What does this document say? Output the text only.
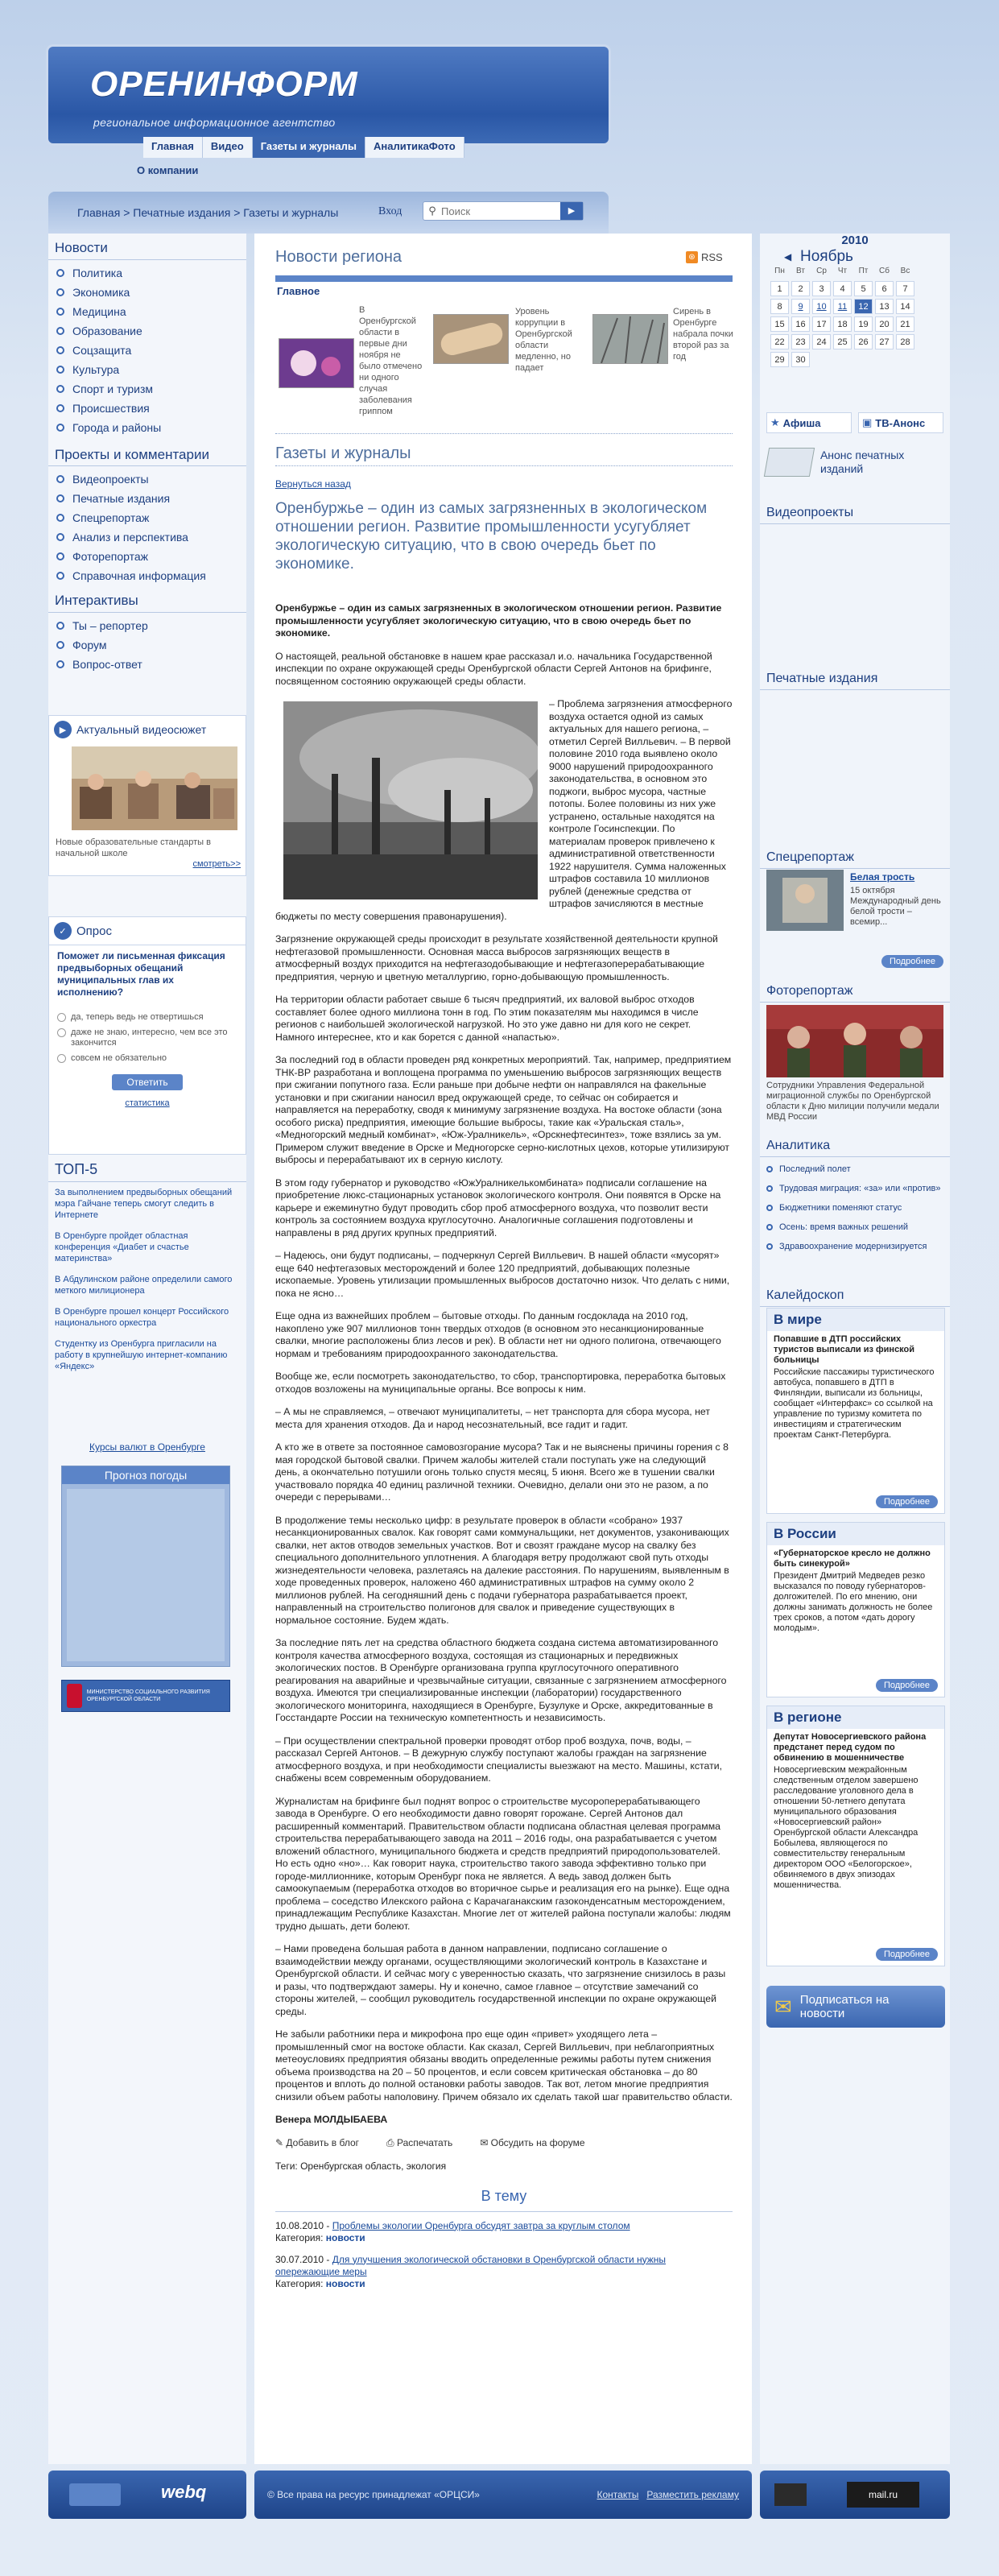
ОРЕНИНФОРМ
региональное информационное агентство
Главная	Видео	Газеты и журналы	АналитикаФото
О компании
Главная > Печатные издания > Газеты и журналы	Вход	⚲
Поиск	▶
Новости
Политика
Экономика
Медицина
Образование
Соцзащита
Культура
Спорт и туризм
Происшествия
Города и районы
Проекты и комментарии
Видеопроекты
Печатные издания
Спецрепортаж
Анализ и перспектива
Фоторепортаж
Справочная информация
Интерактивы
Ты – репортер
Форум
Вопрос-ответ
▶ Актуальный видеосюжет
Новые образовательные стандарты в начальной школе
смотреть>>
✓ Опрос
Поможет ли письменная фиксация предвыборных обещаний муниципальных глав их исполнению?
да, теперь ведь не отвертишься
даже не знаю, интересно, чем все это закончится
совсем не обязательно
Ответить
статистика
ТОП-5
За выполнением предвыборных обещаний мэра Гайчане теперь смогут следить в Интернете
В Оренбурге пройдет областная конференция «Диабет и счастье материнства»
В Абдулинском районе определили самого меткого милиционера
В Оренбурге прошел концерт Российского национального оркестра
Студентку из Оренбурга пригласили на работу в крупнейшую интернет-компанию «Яндекс»
Курсы валют в Оренбурге
Прогноз погоды
МИНИСТЕРСТВО СОЦИАЛЬНОГО РАЗВИТИЯ ОРЕНБУРГСКОЙ ОБЛАСТИ
Новости региона	⊛ RSS
Главное
В Оренбургской области в первые дни ноября не было отмечено ни одного случая заболевания гриппом
Уровень коррупции в Оренбургской области медленно, но падает
Сирень в Оренбурге набрала почки второй раз за год
Газеты и журналы
Вернуться назад
Оренбуржье – один из самых загрязненных в экологическом отношении регион. Развитие промышленности усугубляет экологическую ситуацию, что в свою очередь бьет по экономике.

Оренбуржье – один из самых загрязненных в экологическом отношении регион. Развитие промышленности усугубляет экологическую ситуацию, что в свою очередь бьет по экономике.

О настоящей, реальной обстановке в нашем крае рассказал и.о. начальника Государственной инспекции по охране окружающей среды Оренбургской области Сергей Антонов на брифинге, посвященном состоянию окружающей среды области.

– Проблема загрязнения атмосферного воздуха остается одной из самых актуальных для нашего региона, – отметил Сергей Вилльевич. – В первой половине 2010 года выявлено около 9000 нарушений природоохранного законодательства, в основном это поджоги, выброс мусора, частные потопы. Более половины из них уже устранено, остальные находятся на контроле Госинспекции. По материалам проверок привлечено к административной ответственности 1922 нарушителя. Сумма наложенных штрафов составила 10 миллионов рублей (денежные средства от штрафов зачисляются в местные бюджеты по месту совершения правонарушения).

Загрязнение окружающей среды происходит в результате хозяйственной деятельности крупной нефтегазовой промышленности. Основная масса выбросов загрязняющих веществ в атмосферный воздух приходится на нефтегазодобывающие и нефтегазоперерабатывающие предприятия, черную и цветную металлургию, горно-добывающую промышленность.

На территории области работает свыше 6 тысяч предприятий, их валовой выброс отходов составляет более одного миллиона тонн в год. По этим показателям мы находимся в числе регионов с наибольшей экологической нагрузкой. Но это уже давно ни для кого не секрет. Намного интереснее, кто и как борется с данной «напастью».

За последний год в области проведен ряд конкретных мероприятий. Так, например, предприятием ТНК-ВР разработана и воплощена программа по уменьшению выбросов загрязняющих веществ при сжигании попутного газа. Если раньше при добыче нефти он направлялся на факельные установки и при сжигании наносил вред окружающей среде, то сейчас он собирается и направляется на переработку, сводя к минимуму загрязнение воздуха. На востоке области (зона особого риска) предприятия, имеющие большие выбросы, такие как «Уральская сталь», «Медногорский медный комбинат», «Юж-Уралникель», «Орскнефтесинтез», тоже взялись за ум. Примером служит введение в Орске и Медногорске серно-кислотных цехов, которые утилизируют выбросы и перерабатывают их в серную кислоту.

В этом году губернатор и руководство «ЮжУралникелькомбината» подписали соглашение на приобретение люкс-стационарных установок экологического контроля. Они появятся в Орске на карьере и ежеминутно будут проводить сбор проб атмосферного воздуха, что позволит вести контроль за состоянием воздуха круглосуточно. Аналогичные соглашения подготовлены и направлены в ряд других крупных предприятий.

– Надеюсь, они будут подписаны, – подчеркнул Сергей Вилльевич. В нашей области «мусорят» еще 640 нефтегазовых месторождений и более 120 предприятий, добывающих полезные ископаемые. Уровень утилизации промышленных выбросов достаточно низок. Что делать с ними, пока не ясно…

Еще одна из важнейших проблем – бытовые отходы. По данным госдоклада на 2010 год, накоплено уже 907 миллионов тонн твердых отходов (в основном это несанкционированные свалки, многие расположены близ лесов и рек). В области нет ни одного полигона, отвечающего нормам и требованиям природоохранного законодательства.

Вообще же, если посмотреть законодательство, то сбор, транспортировка, переработка бытовых отходов возложены на муниципальные органы. Все вопросы к ним.

– А мы не справляемся, – отвечают муниципалитеты, – нет транспорта для сбора мусора, нет места для хранения отходов. Да и народ несознательный, все гадит и гадит.

А кто же в ответе за постоянное самовозгорание мусора? Так и не выяснены причины горения с 8 мая городской бытовой свалки. Причем жалобы жителей стали поступать уже на следующий день, а окончательно потушили огонь только спустя месяц, 5 июня. Всего же в тушении свалки участвовало порядка 40 единиц различной техники. Очевидно, делали они это не разом, а по очереди с перерывами…

В продолжение темы несколько цифр: в результате проверок в области «собрано» 1937 несанкционированных свалок. Как говорят сами коммунальщики, нет документов, узаконивающих свалки, нет актов отводов земельных участков. Вот и свозят граждане мусор на свалку без специального дополнительного уплотнения. А благодаря ветру продолжают свой путь отходы жизнедеятельности человека, разлетаясь на далекие расстояния. По нарушениям, выявленным в ходе проведенных проверок, наложено 460 административных штрафов на сумму около 2 миллионов рублей. На сегодняшний день с подачи губернатора разрабатывается проект, направленный на строительство полигонов для свалок и приведение существующих в нормальное состояние. Будем ждать.

За последние пять лет на средства областного бюджета создана система автоматизированного контроля качества атмосферного воздуха, состоящая из стационарных и передвижных экологических постов. В Оренбурге организована группа круглосуточного оперативного реагирования на аварийные и чрезвычайные ситуации, связанные с загрязнением атмосферного воздуха. Имеются три специализированные инспекции (лаборатории) государственного экологического мониторинга, находящиеся в Оренбурге, Бузулуке и Орске, аккредитованные в Госстандарте России на техническую компетентность и независимость.

– При осуществлении спектральной проверки проводят отбор проб воздуха, почв, воды, – рассказал Сергей Антонов. – В дежурную службу поступают жалобы граждан на загрязнение атмосферного воздуха, и при необходимости специалисты выезжают на место. Машины, кстати, снабжены всем современным оборудованием.

Журналистам на брифинге был поднят вопрос о строительстве мусороперерабатывающего завода в Оренбурге. О его необходимости давно говорят горожане. Сергей Антонов дал расширенный комментарий. Правительством области подписана областная целевая программа строительства перерабатывающего завода на 2011 – 2016 годы, она разрабатывается с учетом вложений областного, муниципального бюджета и средств предприятий природопользователей. Но есть одно «но»… Как говорит наука, строительство такого завода эффективно только при городе-миллионнике, которым Оренбург пока не является. А ведь завод должен быть самоокупаемым (переработка отходов во вторичное сырье и реализация его на рынке). Еще одна проблема – соседство Илекского района с Карачаганакским газоконденсатным месторождением, принадлежащим Республике Казахстан. Многие лет от жителей района поступали жалобы: людям трудно дышать, дети болеют.

– Нами проведена большая работа в данном направлении, подписано соглашение о взаимодействии между органами, осуществляющими экологический контроль в Казахстане и Оренбургской области. И сейчас могу с уверенностью сказать, что загрязнение снизилось в разы и разы, что подтверждают замеры. Ну и конечно, самое главное – отсутствие замечаний со стороны жителей, – сообщил руководитель государственной инспекции по охране окружающей среды.

Не забыли работники пера и микрофона про еще один «привет» уходящего лета – промышленный смог на востоке области. Как сказал, Сергей Вилльевич, при неблагоприятных метеоусловиях предприятия обязаны вводить определенные режимы работы путем снижения объема производства на 20 – 50 процентов, и если совсем критическая обстановка – до 80 процентов и вплоть до полной остановки работы заводов. Так вот, летом многие предприятия снизили объем работы наполовину. Причем обязало их сделать такой шаг правительство области.

Венера МОЛДЫБАЕВА

✎ Добавить в блог	⎙ Распечатать	✉ Обсудить на форуме
Теги: Оренбургская область, экология
В тему
10.08.2010 - Проблемы экологии Оренбурга обсудят завтра за круглым столом
Категория: новости
30.07.2010 - Для улучшения экологической обстановки в Оренбургской области нужны опережающие меры
Категория: новости
2010
Ноябрь
◀
Пн	Вт	Ср	Чт	Пт	Сб	Вс
1	2	3	4	5	6	7
8	9	10	11	12	13	14
15	16	17	18	19	20	21
22	23	24	25	26	27	28
29	30					
★ Афиша	▣ ТВ-Анонс
Анонс печатных изданий
Видеопроекты
Печатные издания
Спецрепортаж
Белая трость
15 октября Международный день белой трости – всемир...
Подробнее
Фоторепортаж
Сотрудники Управления Федеральной миграционной службы по Оренбургской области к Дню милиции получили медали МВД России
Аналитика
Последний полет
Трудовая миграция: «за» или «против»
Бюджетники поменяют статус
Осень: время важных решений
Здравоохранение модернизируется
Калейдоскоп
В мире
Попавшие в ДТП российских туристов выписали из финской больницы
Российские пассажиры туристического автобуса, попавшего в ДТП в Финляндии, выписали из больницы, сообщает «Интерфакс» со ссылкой на управление по туризму комитета по инвестициям и стратегическим проектам Санкт-Петербурга.
Подробнее
В России
«Губернаторское кресло не должно быть синекурой»
Президент Дмитрий Медведев резко высказался по поводу губернаторов-долгожителей. По его мнению, они должны занимать должность не более трех сроков, а потом «дать дорогу молодым».
Подробнее
В регионе
Депутат Новосергиевского района предстанет перед судом по обвинению в мошенничестве
Новосергиевским межрайонным следственным отделом завершено расследование уголовного дела в отношении 50-летнего депутата муниципального образования «Новосергиевский район» Оренбургской области Александра Бобылева, являющегося по совместительству генеральным директором ООО «Белогорское», обвиняемого в двух эпизодах мошенничества.
Подробнее
✉ Подписаться на новости
webq	© Все права на ресурс принадлежат «ОРЦСИ»	Контакты Разместить рекламу	mail.ru
